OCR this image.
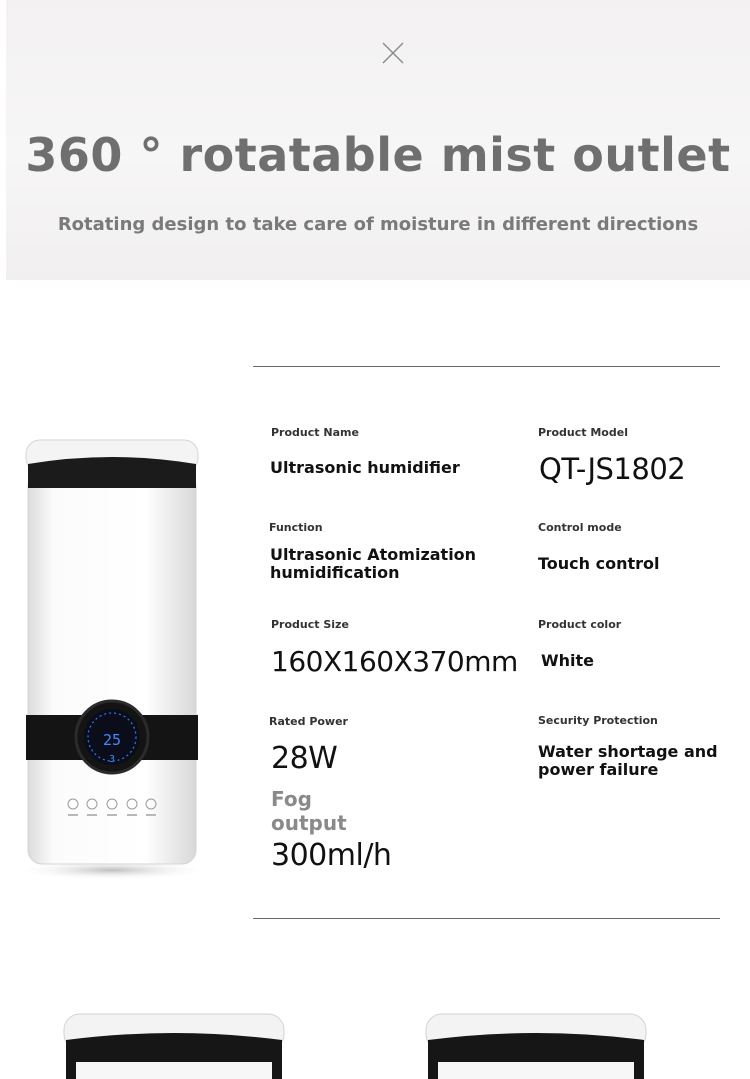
360 ° rotatable mist outlet
Rotating design to take care of moisture in different directions
25
3
Product Name
Ultrasonic humidifier
Product Model
QT-JS1802
Function
Ultrasonic Atomization humidification
Control mode
Touch control
Product Size
160X160X370mm
Product color
White
Rated Power
28W
Fog output
300ml/h
Security Protection
Water shortage and power failure
